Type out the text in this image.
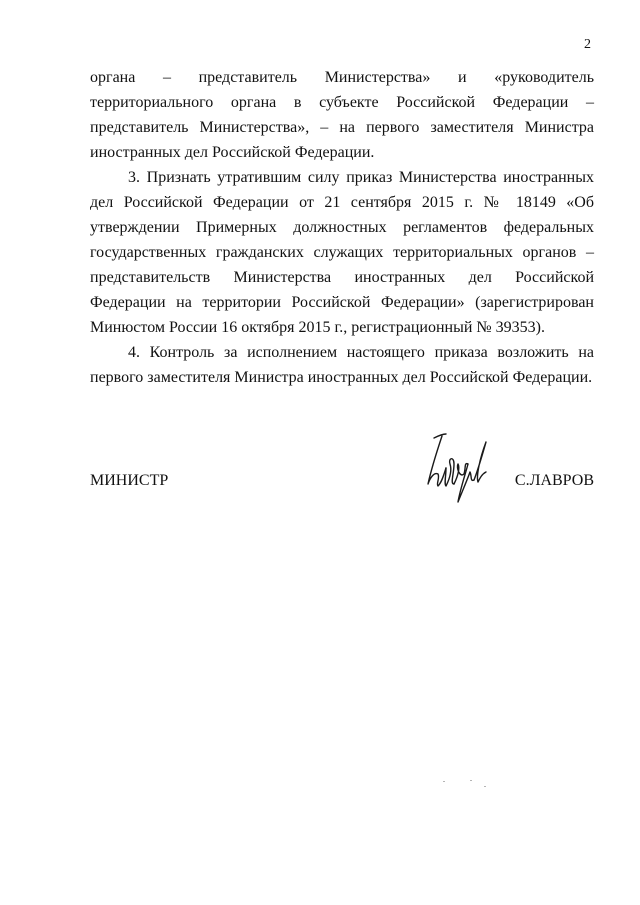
2

органа – представитель Министерства» и «руководитель территориального органа в субъекте Российской Федерации – представитель Министерства», – на первого заместителя Министра иностранных дел Российской Федерации.

3. Признать утратившим силу приказ Министерства иностранных дел Российской Федерации от 21 сентября 2015 г. № 18149 «Об утверждении Примерных должностных регламентов федеральных государственных гражданских служащих территориальных органов – представительств Министерства иностранных дел Российской Федерации на территории Российской Федерации» (зарегистрирован Минюстом России 16 октября 2015 г., регистрационный № 39353).

4. Контроль за исполнением настоящего приказа возложить на первого заместителя Министра иностранных дел Российской Федерации.

МИНИСТР	С.ЛАВРОВ
